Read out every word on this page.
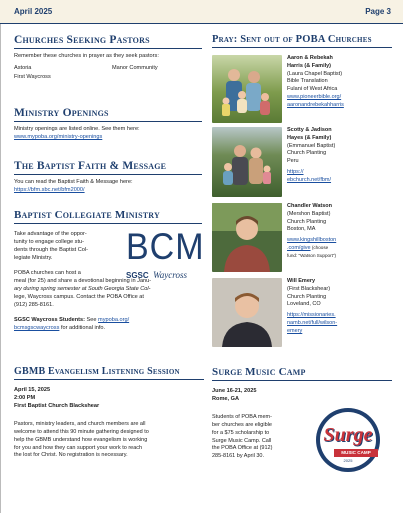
April 2025	Page 3
Churches Seeking Pastors

Remember these churches in prayer as they seek pastors:

Astoria	Manor Community
First Waycross
Ministry Openings

Ministry openings are listed online. See them here:

www.mypoba.org/ministry-openings

The Baptist Faith & Message

You can read the Baptist Faith & Message here:

https://bfm.sbc.net/bfm2000/

Baptist Collegiate Ministry
Take advantage of the oppor-
tunity to engage college stu-
dents through the Baptist Col-
legiate Ministry.	BCM
SGSC Waycross
POBA churches can host a
meal (for 25) and share a devotional beginning in Janu-
ary during spring semester at South Georgia State Col-
lege, Waycross campus. Contact the POBA Office at
(912) 285-8161.
SGSC Waycross Students: See mypoba.org/
bcmsgscwaycross for additional info.
GBMB Evangelism Listening Session
April 15, 2025
2:00 PM
First Baptist Church Blackshear
Pastors, ministry leaders, and church members are all
welcome to attend this 90 minute gathering designed to
help the GBMB understand how evangelism is working
for you and how they can support your work to reach
the lost for Christ. No registration is necessary.
Pray: Sent out of POBA Churches
Aaron & Rebekah
Harris (& Family)
(Laura Chapel Baptist)
Bible Translation
Fulani of West Africa
www.pioneerbible.org/
aaronandrebekahharris
Scotty & Jadison
Hayes (& Family)
(Emmanuel Baptist)
Church Planting
Peru

https://
ebchurch.net/fbm/
Chandler Watson
(Mershon Baptist)
Church Planting
Boston, MA

www.kingshillboston
.com/give (choose
fund: "Watson Support")
Will Emery
(First Blackshear)
Church Planting
Loveland, CO

https://missionaries.
namb.net/full/wilson-
emery
Surge Music Camp
June 16-21, 2025
Rome, GA
Students of POBA mem-
ber churches are eligible
for a $75 scholarship to
Surge Music Camp. Call
the POBA Office at (912)
285-8161 by April 30.
Surge
MUSIC CAMP
2025
